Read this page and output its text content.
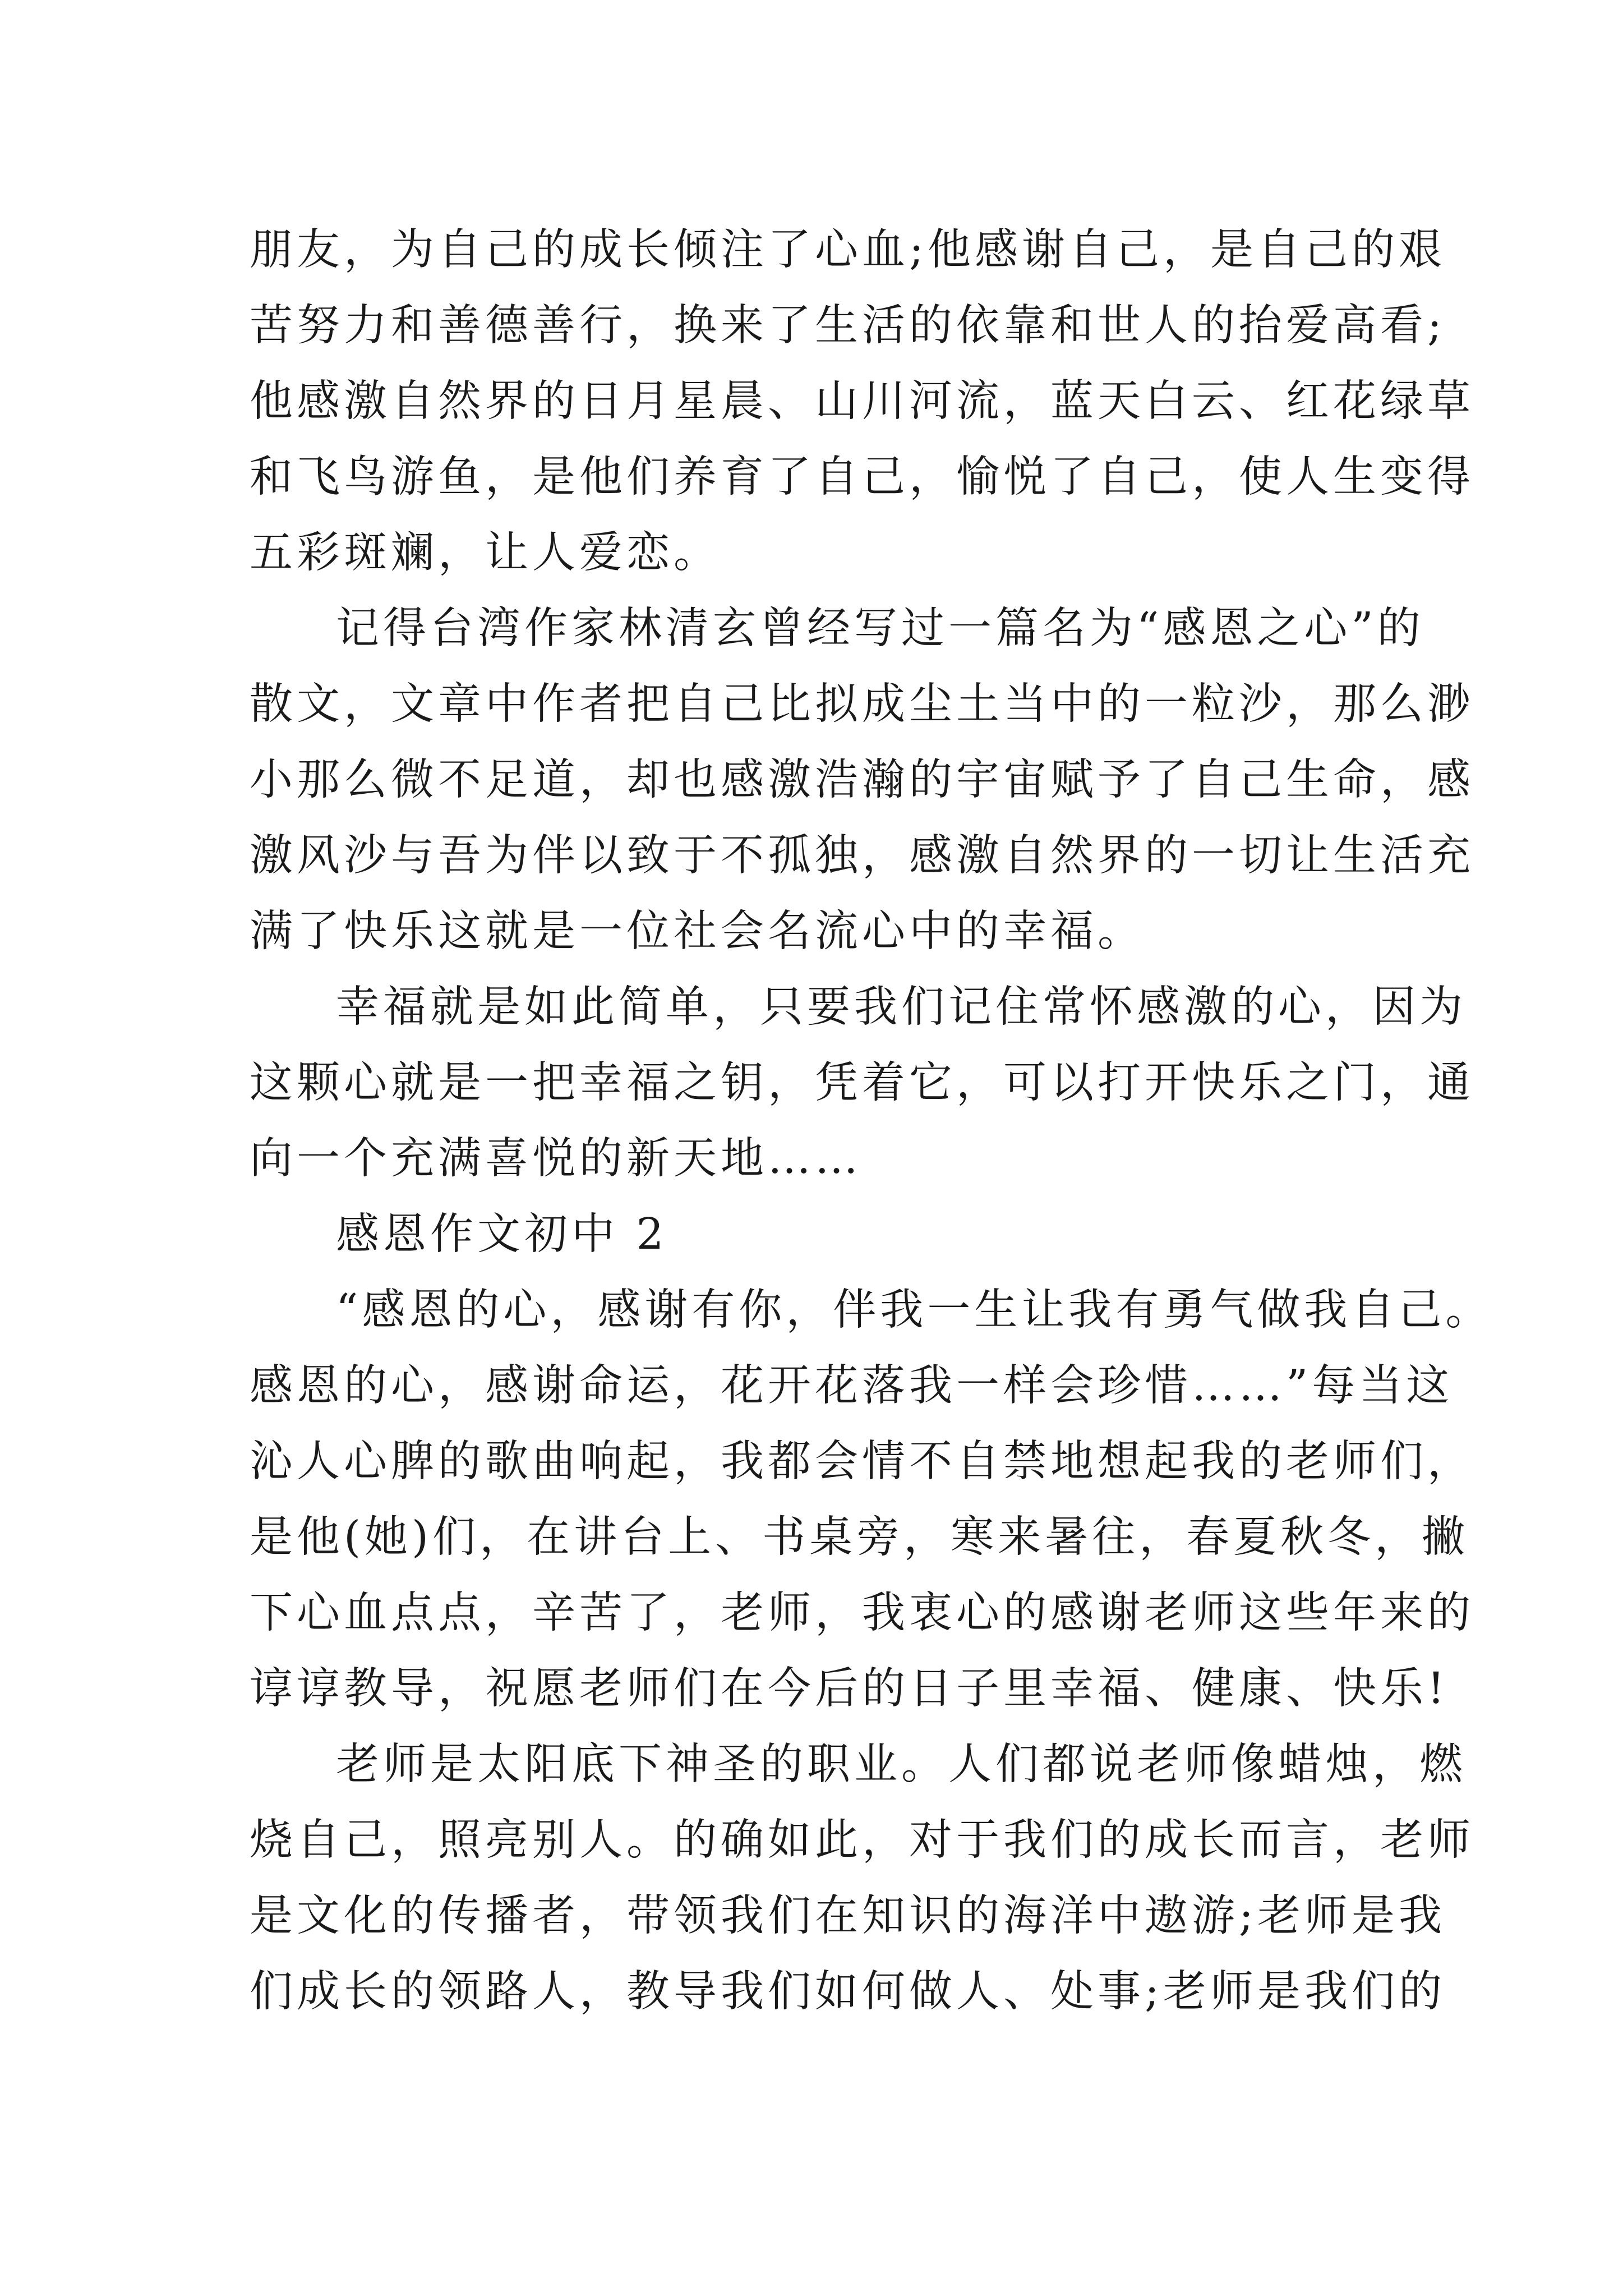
朋友，为自己的成长倾注了心血;他感谢自己，是自己的艰
苦努力和善德善行，换来了生活的依靠和世人的抬爱高看;
他感激自然界的日月星晨、山川河流，蓝天白云、红花绿草
和飞鸟游鱼，是他们养育了自己，愉悦了自己，使人生变得
五彩斑斓，让人爱恋。
记得台湾作家林清玄曾经写过一篇名为“感恩之心”的
散文，文章中作者把自己比拟成尘土当中的一粒沙，那么渺
小那么微不足道，却也感激浩瀚的宇宙赋予了自己生命，感
激风沙与吾为伴以致于不孤独，感激自然界的一切让生活充
满了快乐这就是一位社会名流心中的幸福。
幸福就是如此简单，只要我们记住常怀感激的心，因为
这颗心就是一把幸福之钥，凭着它，可以打开快乐之门，通
向一个充满喜悦的新天地……
感恩作文初中 2
“感恩的心，感谢有你，伴我一生让我有勇气做我自己。
感恩的心，感谢命运，花开花落我一样会珍惜……”每当这
沁人心脾的歌曲响起，我都会情不自禁地想起我的老师们，
是他(她)们，在讲台上、书桌旁，寒来暑往，春夏秋冬，撇
下心血点点，辛苦了，老师，我衷心的感谢老师这些年来的
谆谆教导，祝愿老师们在今后的日子里幸福、健康、快乐!
老师是太阳底下神圣的职业。人们都说老师像蜡烛，燃
烧自己，照亮别人。的确如此，对于我们的成长而言，老师
是文化的传播者，带领我们在知识的海洋中遨游;老师是我
们成长的领路人，教导我们如何做人、处事;老师是我们的
